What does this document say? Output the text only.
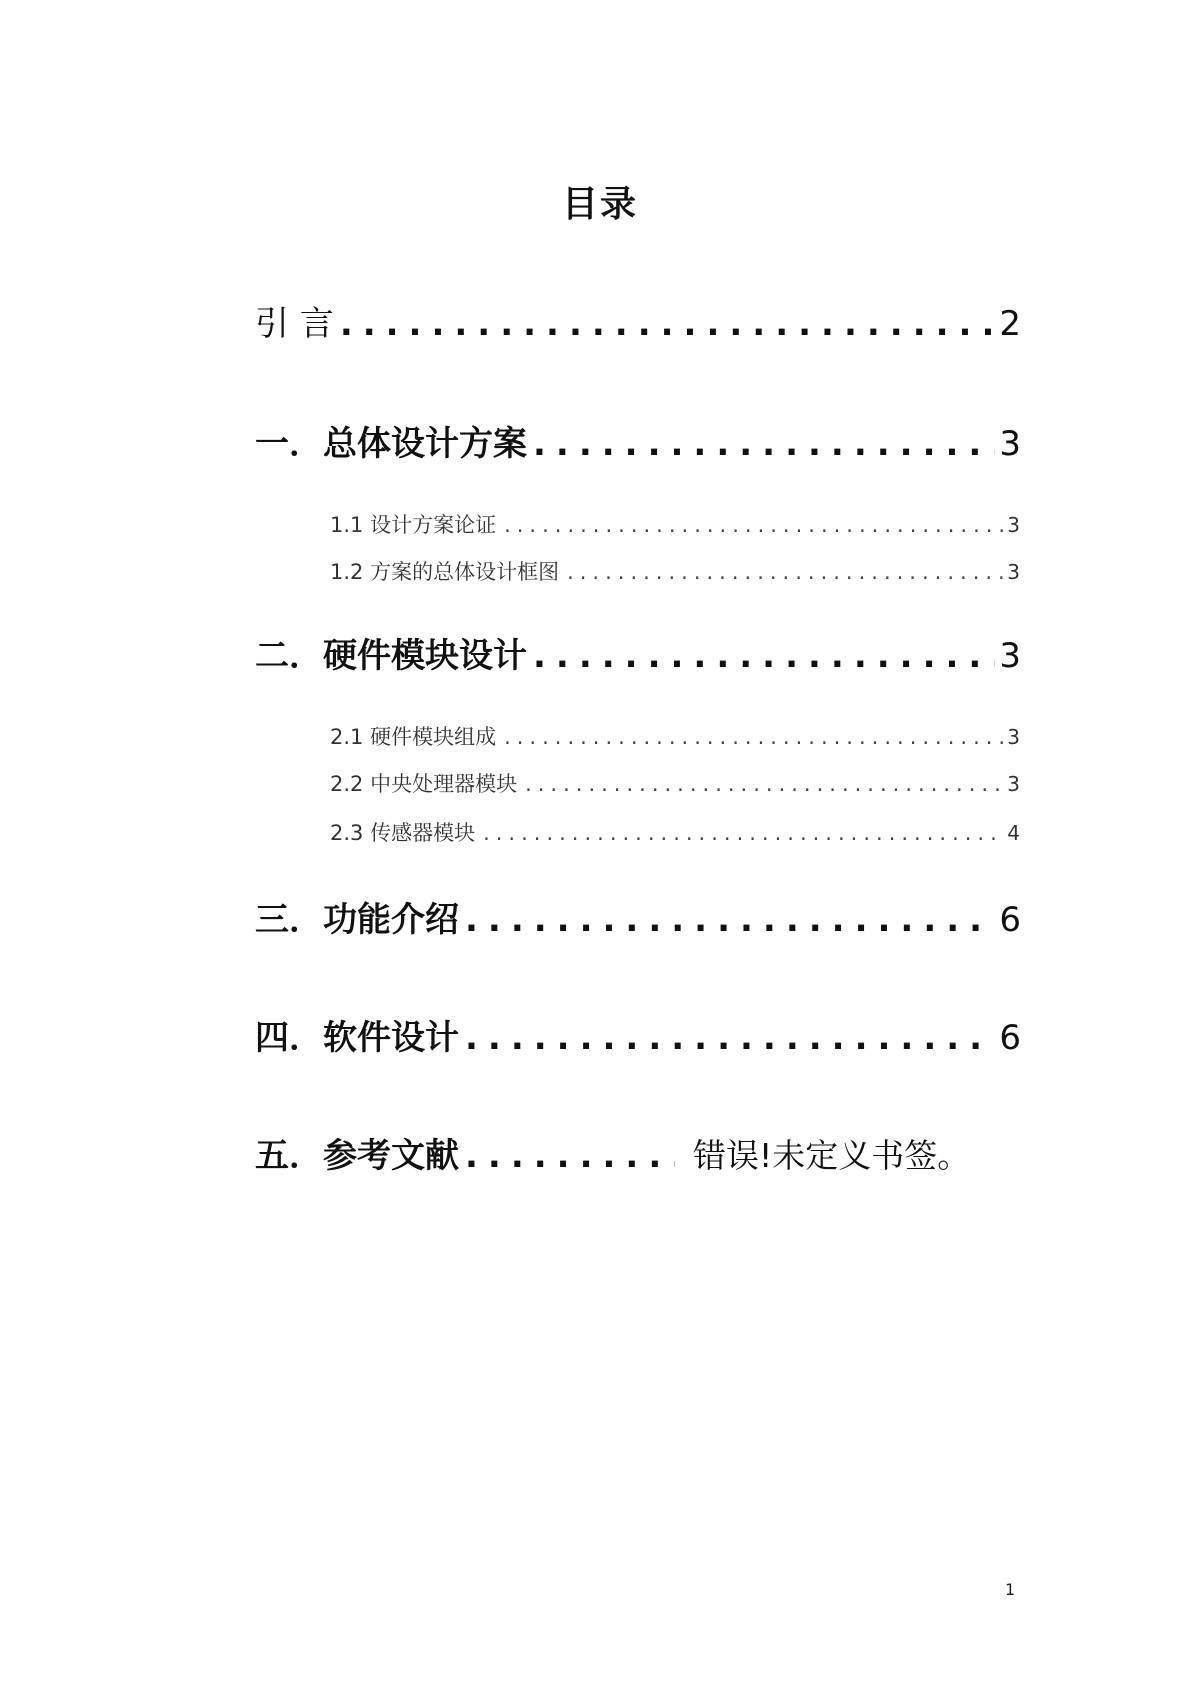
目录
引 言 .....	2
一．总体设计方案 .....	3
1.1 设计方案论证 .....	3
1.2 方案的总体设计框图 .....	3
二．硬件模块设计 .....	3
2.1 硬件模块组成 .....	3
2.2 中央处理器模块 .....	3
2.3 传感器模块 .....	4
三．功能介绍 .....	6
四．软件设计 .....	6
五．参考文献 .....	错误!未定义书签。
1
